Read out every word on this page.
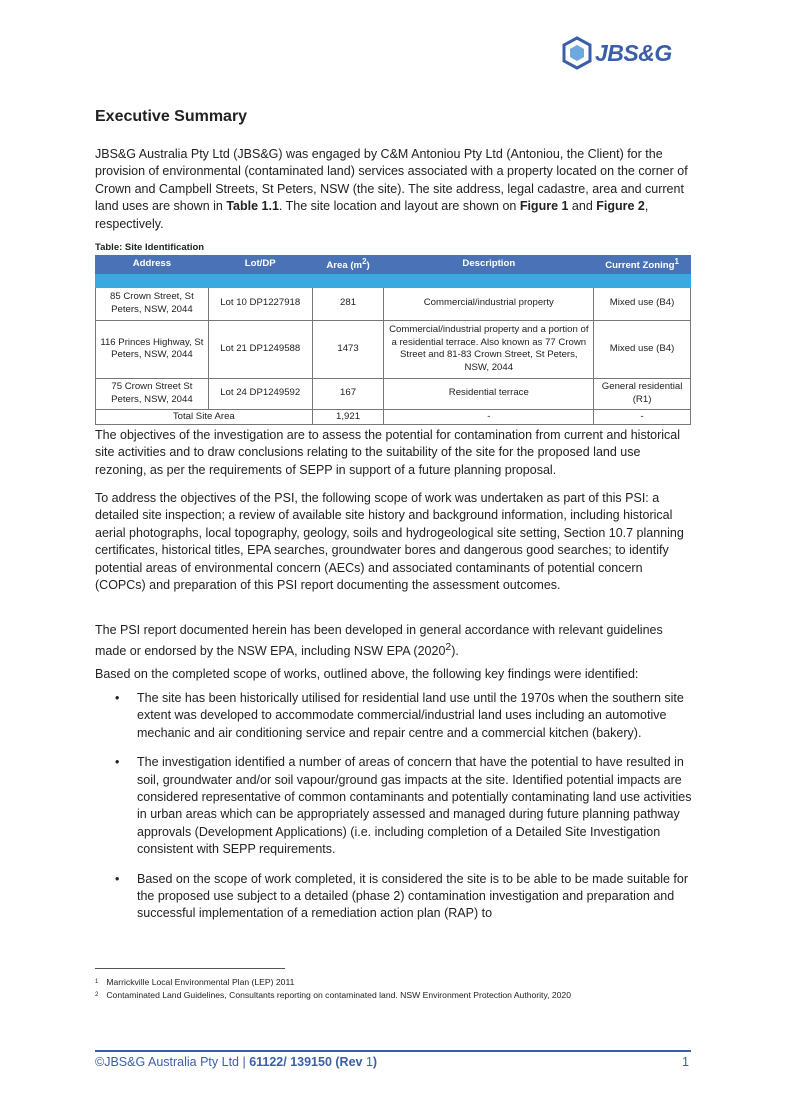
JBS&G
Executive Summary
JBS&G Australia Pty Ltd (JBS&G) was engaged by C&M Antoniou Pty Ltd (Antoniou, the Client) for the provision of environmental (contaminated land) services associated with a property located on the corner of Crown and Campbell Streets, St Peters, NSW (the site). The site address, legal cadastre, area and current land uses are shown in Table 1.1. The site location and layout are shown on Figure 1 and Figure 2, respectively.
Table: Site Identification
Address	Lot/DP	Area $(m^2)$	Description	Current Zoning$^1$

85 Crown Street, St Peters, NSW, 2044	Lot 10 DP1227918	281	Commercial/industrial property	Mixed use (B4)
116 Princes Highway, St Peters, NSW, 2044	Lot 21 DP1249588	1473	Commercial/industrial property and a portion of a residential terrace. Also known as 77 Crown Street and 81-83 Crown Street, St Peters, NSW, 2044	Mixed use (B4)
75 Crown Street St Peters, NSW, 2044	Lot 24 DP1249592	167	Residential terrace	General residential (R1)
Total Site Area		1,921	-	-
The objectives of the investigation are to assess the potential for contamination from current and historical site activities and to draw conclusions relating to the suitability of the site for the proposed land use rezoning, as per the requirements of SEPP in support of a future planning proposal.
To address the objectives of the PSI, the following scope of work was undertaken as part of this PSI: a detailed site inspection; a review of available site history and background information, including historical aerial photographs, local topography, geology, soils and hydrogeological site setting, Section 10.7 planning certificates, historical titles, EPA searches, groundwater bores and dangerous good searches; to identify potential areas of environmental concern (AECs) and associated contaminants of potential concern (COPCs) and preparation of this PSI report documenting the assessment outcomes.
The PSI report documented herein has been developed in general accordance with relevant guidelines made or endorsed by the NSW EPA, including NSW EPA (2020$^2$).
Based on the completed scope of works, outlined above, the following key findings were identified:
• The site has been historically utilised for residential land use until the 1970s when the southern site extent was developed to accommodate commercial/industrial land uses including an automotive mechanic and air conditioning service and repair centre and a commercial kitchen (bakery).
• The investigation identified a number of areas of concern that have the potential to have resulted in soil, groundwater and/or soil vapour/ground gas impacts at the site. Identified potential impacts are considered representative of common contaminants and potentially contaminating land use activities in urban areas which can be appropriately assessed and managed during future planning pathway approvals (Development Applications) (i.e. including completion of a Detailed Site Investigation consistent with SEPP requirements.
• Based on the scope of work completed, it is considered the site is to be able to be made suitable for the proposed use subject to a detailed (phase 2) contamination investigation and preparation and successful implementation of a remediation action plan (RAP) to
$^1$ Marrickville Local Environmental Plan (LEP) 2011
$^2$ Contaminated Land Guidelines, Consultants reporting on contaminated land. NSW Environment Protection Authority, 2020
©JBS&G Australia Pty Ltd | 61122/ 139150 (Rev 1)	1
